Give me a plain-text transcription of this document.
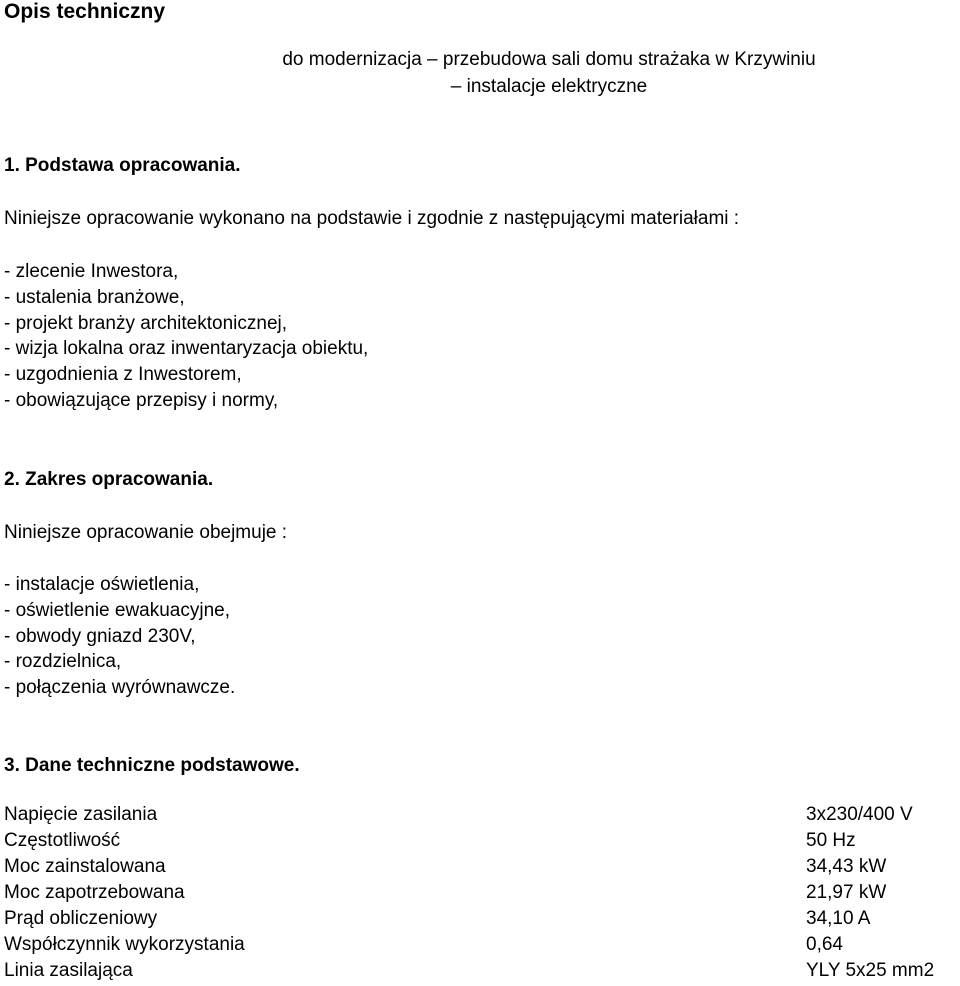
Opis techniczny
do modernizacja – przebudowa sali domu strażaka w Krzywiniu
– instalacje elektryczne
1. Podstawa opracowania.
Niniejsze opracowanie wykonano na podstawie i zgodnie z następującymi materiałami :
- zlecenie Inwestora,
- ustalenia branżowe,
- projekt branży architektonicznej,
- wizja lokalna oraz inwentaryzacja obiektu,
- uzgodnienia z Inwestorem,
- obowiązujące przepisy i normy,
2. Zakres opracowania.
Niniejsze opracowanie obejmuje :
- instalacje oświetlenia,
- oświetlenie ewakuacyjne,
- obwody gniazd 230V,
- rozdzielnica,
- połączenia wyrównawcze.
3. Dane techniczne podstawowe.
Napięcie zasilania	3x230/400 V
Częstotliwość	50 Hz
Moc zainstalowana	34,43 kW
Moc zapotrzebowana	21,97 kW
Prąd obliczeniowy	34,10 A
Współczynnik wykorzystania	0,64
Linia zasilająca	YLY 5x25 mm2
